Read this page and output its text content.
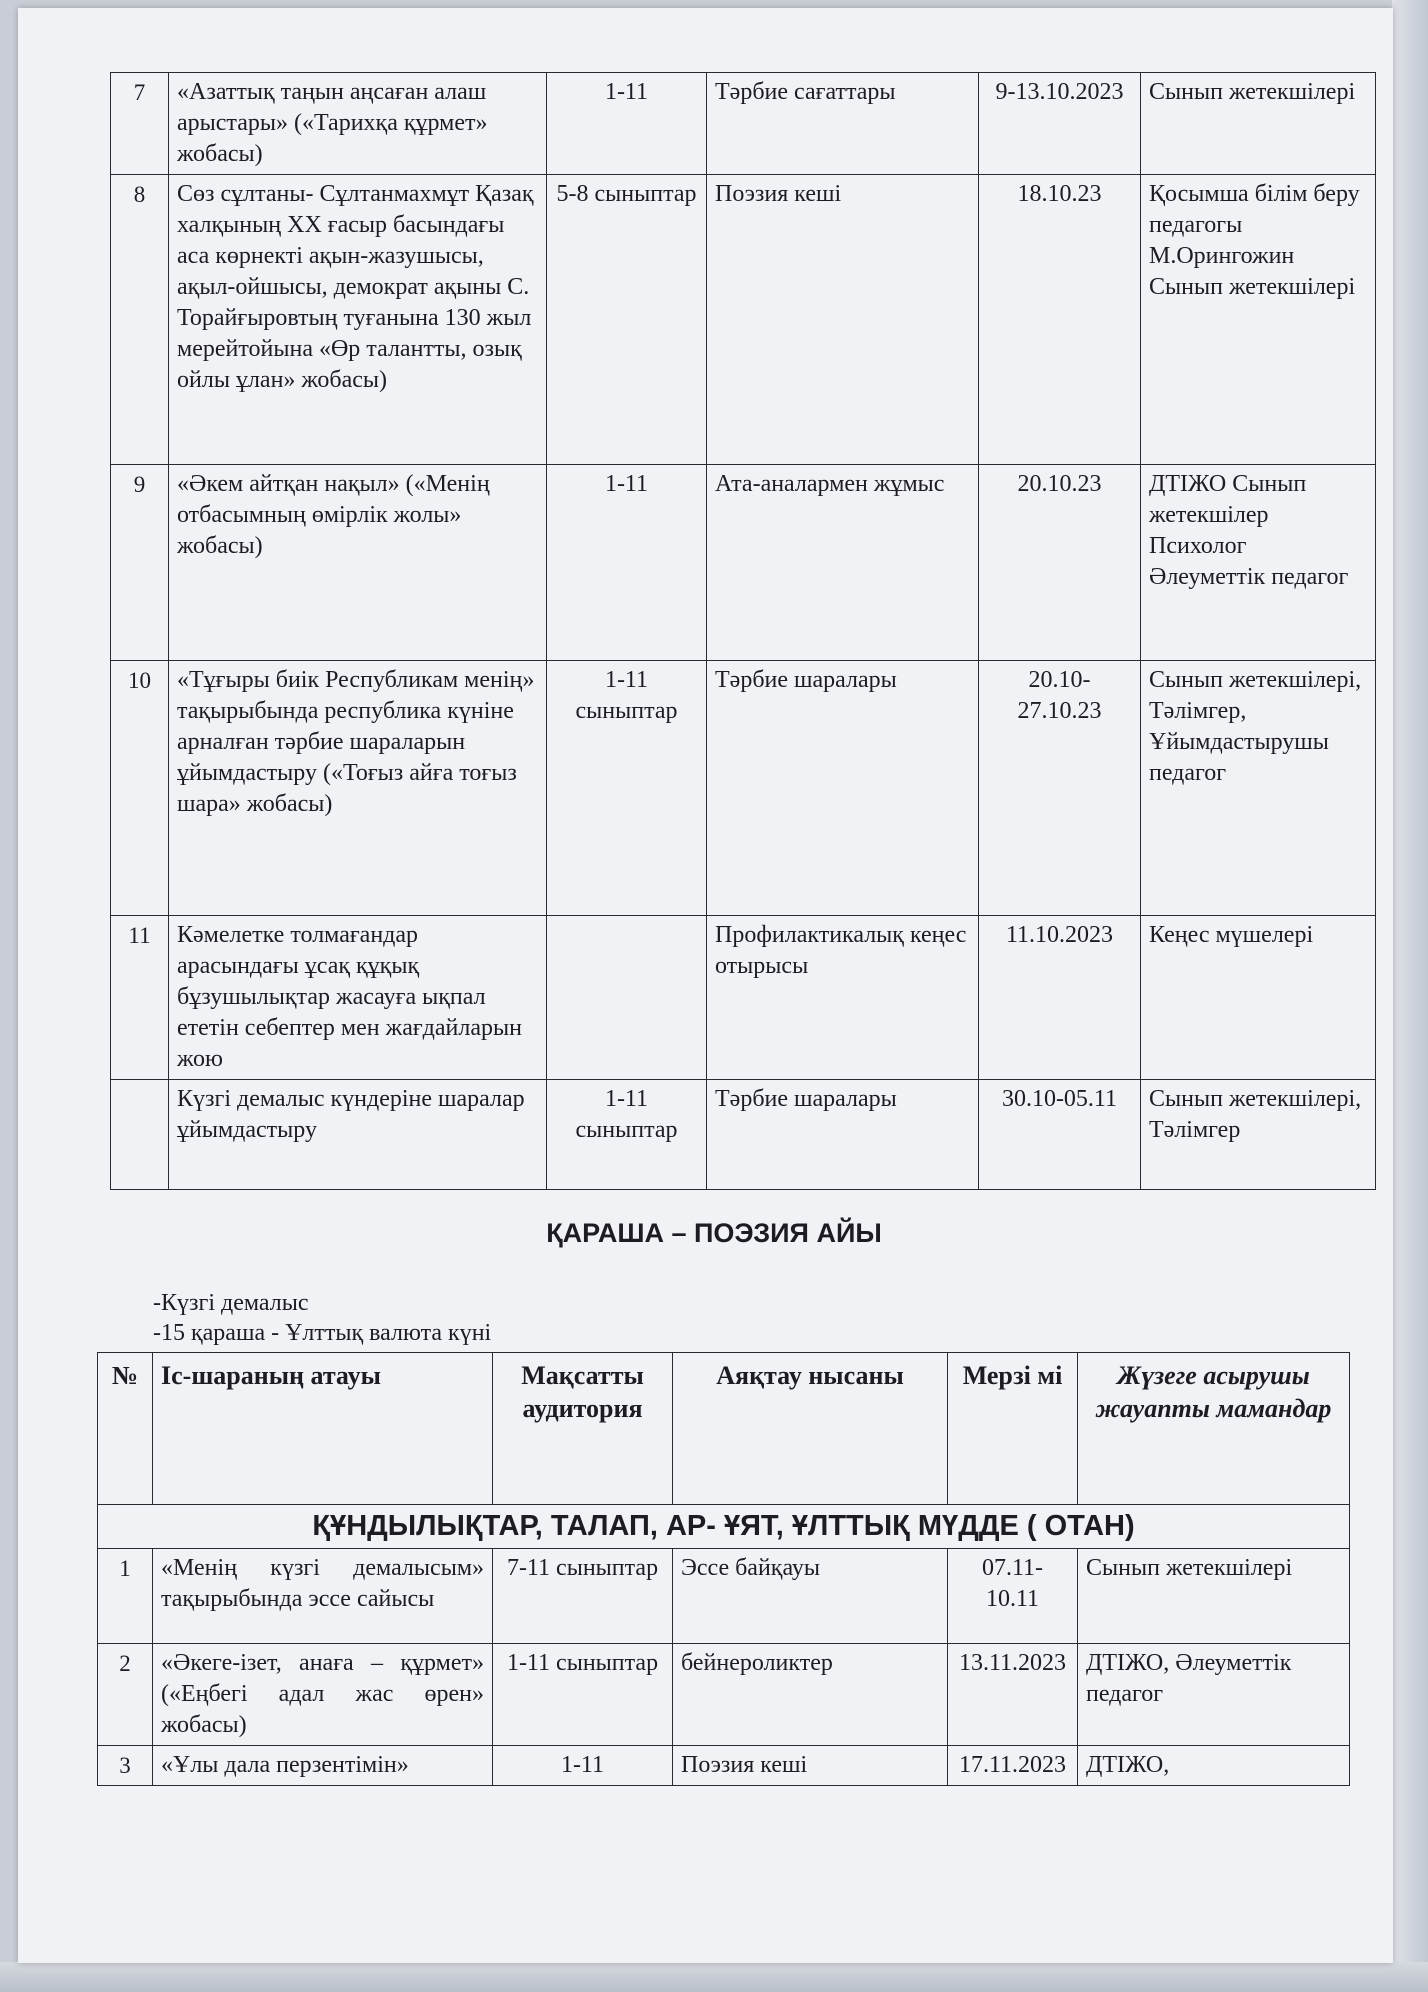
7	«Азаттық таңын аңсаған алаш арыстары» («Тарихқа құрмет» жобасы)	1-11	Тәрбие сағаттары	9-13.10.2023	Сынып жетекшілері
8	Сөз сұлтаны- Сұлтанмахмұт Қазақ халқының XX ғасыр басындағы аса көрнекті ақын-жазушысы, ақыл-ойшысы, демократ ақыны С. Торайғыровтың туғанына 130 жыл мерейтойына «Өр талантты, озық ойлы ұлан» жобасы)	5-8 сыныптар	Поэзия кеші	18.10.23	Қосымша білім беру педагогы М.Орингожин Сынып жетекшілері
9	«Әкем айтқан нақыл» («Менің отбасымның өмірлік жолы» жобасы)	1-11	Ата-аналармен жұмыс	20.10.23	ДТІЖО Сынып жетекшілер Психолог Әлеуметтік педагог
10	«Тұғыры биік Республикам менің» тақырыбында республика күніне арналған тәрбие шараларын ұйымдастыру («Тоғыз айға тоғыз шара» жобасы)	1-11 сыныптар	Тәрбие шаралары	20.10-27.10.23	Сынып жетекшілері, Тәлімгер, Ұйымдастырушы педагог
11	Кәмелетке толмағандар арасындағы ұсақ құқық бұзушылықтар жасауға ықпал ететін себептер мен жағдайларын жою		Профилактикалық кеңес отырысы	11.10.2023	Кеңес мүшелері
	Күзгі демалыс күндеріне шаралар ұйымдастыру	1-11 сыныптар	Тәрбие шаралары	30.10-05.11	Сынып жетекшілері, Тәлімгер
ҚАРАША – ПОЭЗИЯ АЙЫ
-Күзгі демалыс
-15 қараша - Ұлттық валюта күні
№	Іс-шараның атауы	Мақсатты аудитория	Аяқтау нысаны	Мерзі мі	Жүзеге асырушы жауапты мамандар
ҚҰНДЫЛЫҚТАР, ТАЛАП, АР- ҰЯТ, ҰЛТТЫҚ МҮДДЕ ( ОТАН)					
1	«Менің күзгі демалысым» тақырыбында эссе сайысы	7-11 сыныптар	Эссе байқауы	07.11-10.11	Сынып жетекшілері
2	«Әкеге-ізет, анаға – құрмет» («Еңбегі адал жас өрен» жобасы)	1-11 сыныптар	бейнероликтер	13.11.2023	ДТІЖО, Әлеуметтік педагог
3	«Ұлы дала перзентімін»	1-11	Поэзия кеші	17.11.2023	ДТІЖО,
